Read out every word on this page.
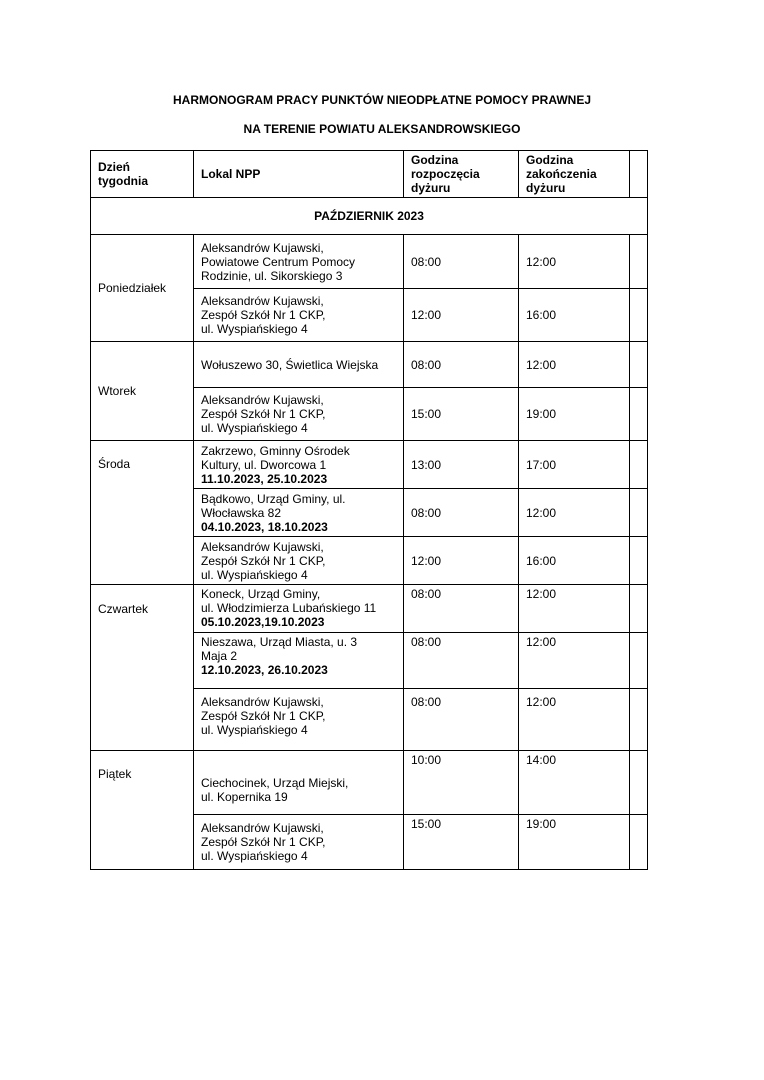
HARMONOGRAM PRACY PUNKTÓW NIEODPŁATNE POMOCY PRAWNEJ
NA TERENIE POWIATU ALEKSANDROWSKIEGO
Dzień
tygodnia	Lokal NPP	Godzina
rozpoczęcia
dyżuru	Godzina
zakończenia
dyżuru	

PAŹDZIERNIK 2023				
Poniedziałek	Aleksandrów Kujawski,
Powiatowe Centrum Pomocy
Rodzinie, ul. Sikorskiego 3	08:00	12:00	

	Aleksandrów Kujawski,
Zespół Szkół Nr 1 CKP,
ul. Wyspiańskiego 4	12:00	16:00	
Wtorek	Wołuszewo 30, Świetlica Wiejska	08:00	12:00	

	Aleksandrów Kujawski,
Zespół Szkół Nr 1 CKP,
ul. Wyspiańskiego 4	15:00	19:00	
Środa	Zakrzewo, Gminny Ośrodek
Kultury, ul. Dworcowa 1
11.10.2023, 25.10.2023	13:00	17:00	

	Bądkowo, Urząd Gminy, ul.
Włocławska 82
04.10.2023, 18.10.2023	08:00	12:00	

	Aleksandrów Kujawski,
Zespół Szkół Nr 1 CKP,
ul. Wyspiańskiego 4	12:00	16:00	
Czwartek	Koneck, Urząd Gminy,
ul. Włodzimierza Lubańskiego 11
05.10.2023,19.10.2023	08:00	12:00	

	Nieszawa, Urząd Miasta, u. 3
Maja 2
12.10.2023, 26.10.2023	08:00	12:00	

	Aleksandrów Kujawski,
Zespół Szkół Nr 1 CKP,
ul. Wyspiańskiego 4	08:00	12:00	
Piątek	Ciechocinek, Urząd Miejski,
ul. Kopernika 19	10:00	14:00	

	Aleksandrów Kujawski,
Zespół Szkół Nr 1 CKP,
ul. Wyspiańskiego 4	15:00	19:00	
